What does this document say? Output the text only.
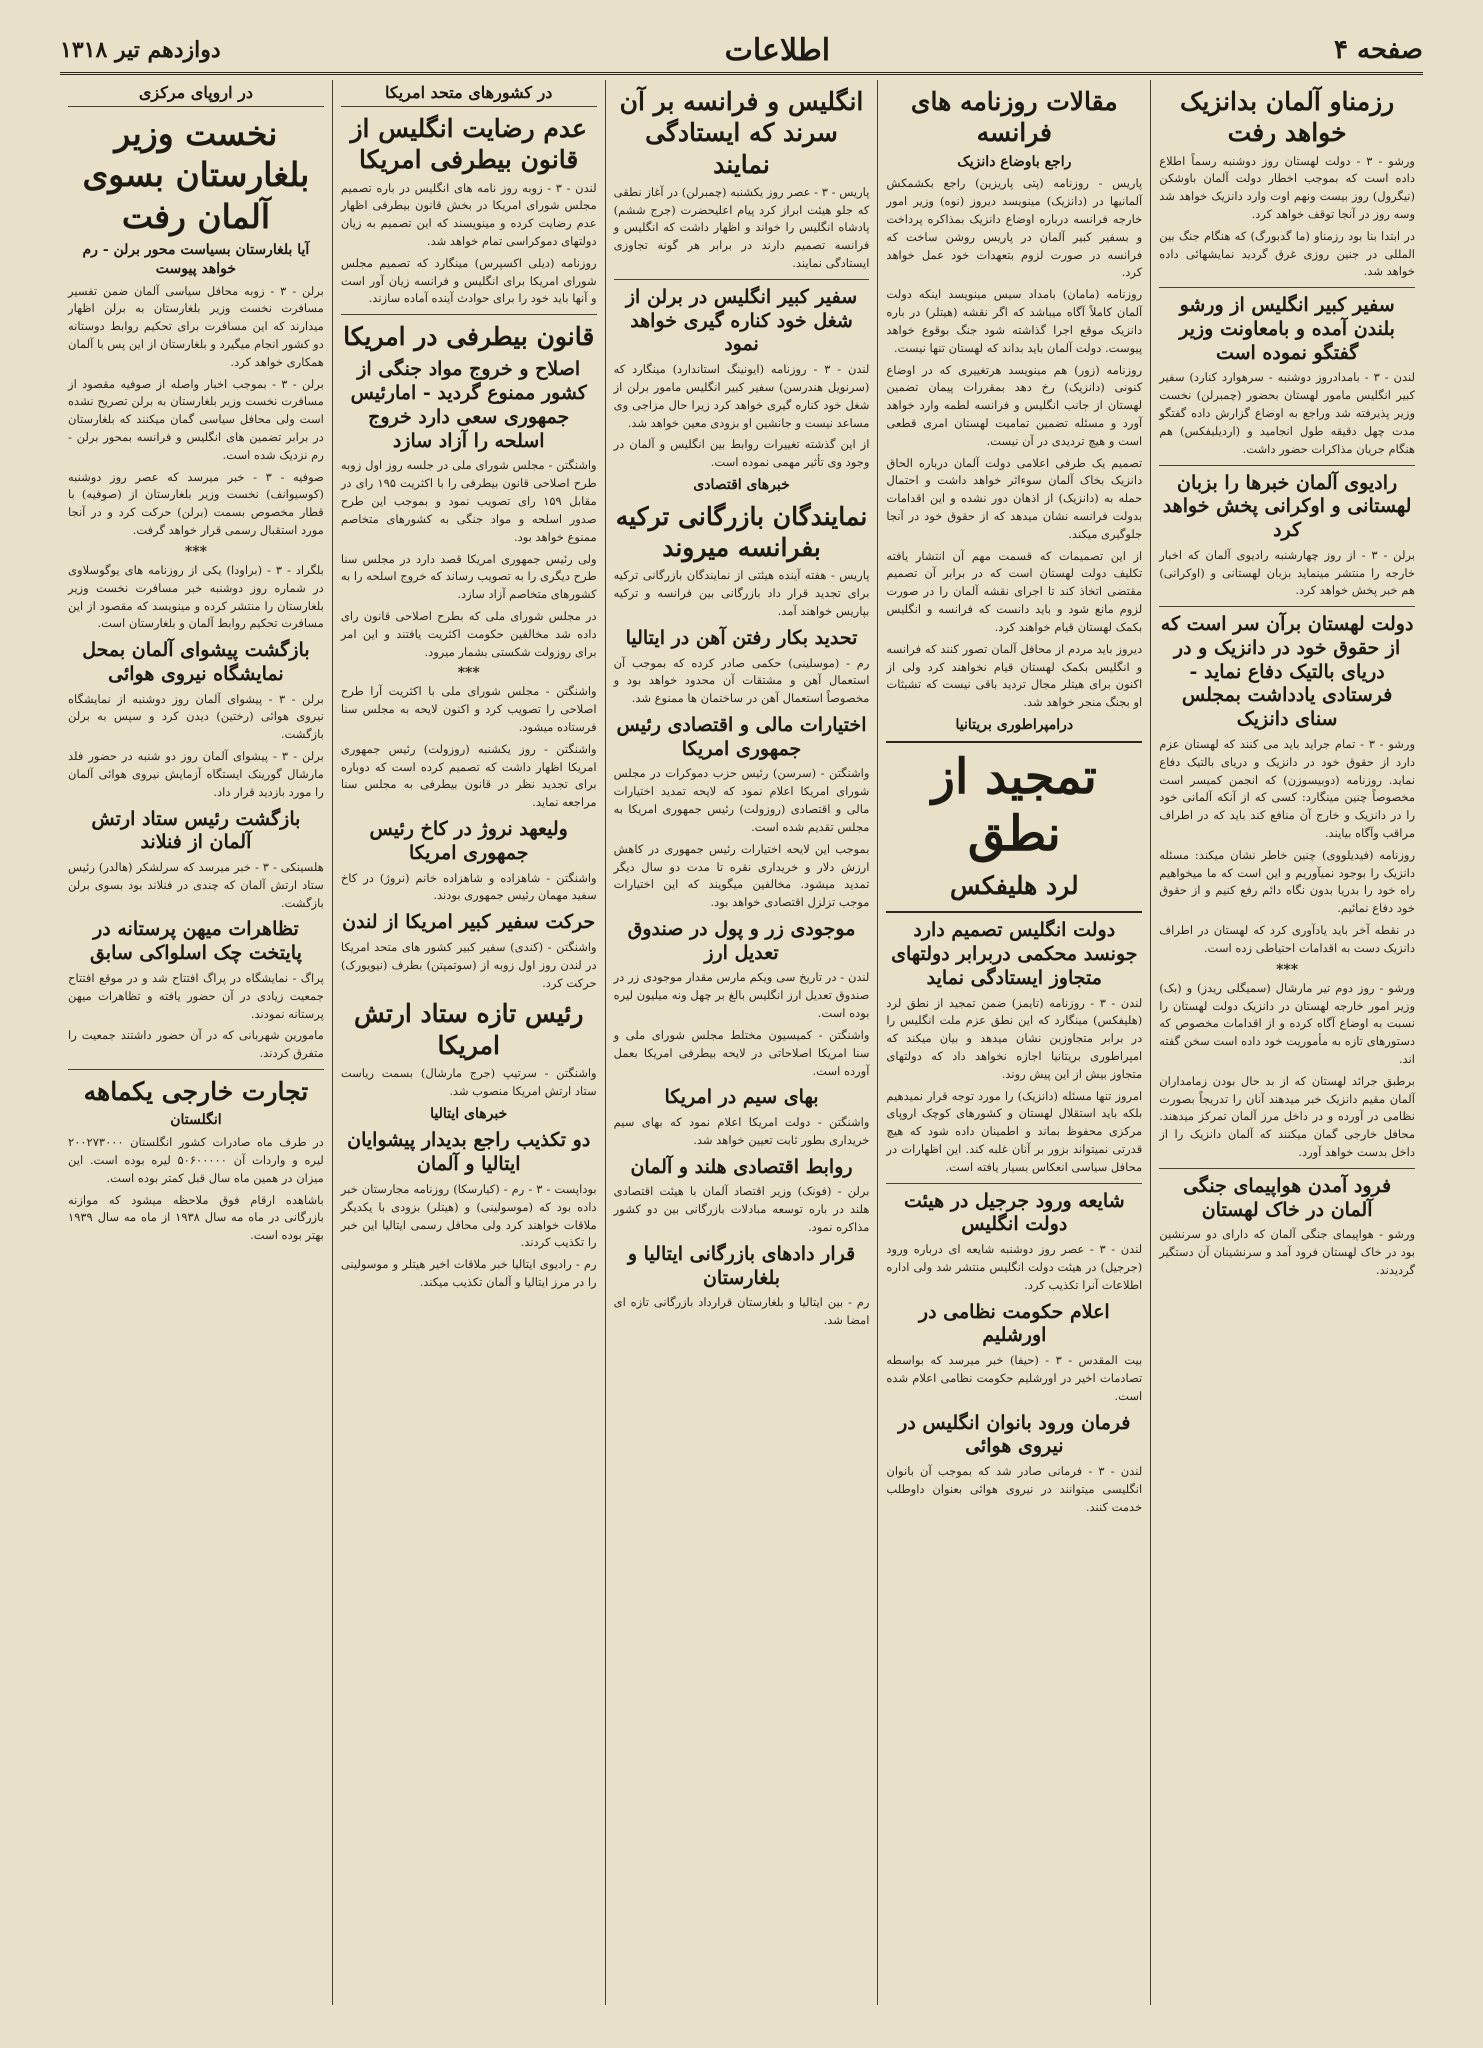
صفحه ۴
اطلاعات
دوازدهم تیر ۱۳۱۸
رزمناو آلمان بدانزیک خواهد رفت

ورشو - ۳ - دولت لهستان روز دوشنبه رسماً اطلاع داده است که بموجب اخطار دولت آلمان باوشکن (نیگرول) روز بیست ونهم اوت وارد دانزیک خواهد شد وسه روز در آنجا توقف خواهد کرد.

در ابتدا بنا بود رزمناو (ما گدبورگ) که هنگام جنگ بین المللی در جنین روزی غرق گردید نمایشهائی داده خواهد شد.

سفیر کبیر انگلیس از ورشو بلندن آمده و بامعاونت وزیر گفتگو نموده است

لندن - ۳ - بامدادروز دوشنبه - سرهوارد کنارد) سفیر کبیر انگلیس مامور لهستان بحضور (چمبرلن) نخست وزیر پذیرفته شد وراجع به اوضاع گزارش داده گفتگو مدت چهل دقیقه طول انجامید و (اردیلیفکس) هم هنگام جریان مذاکرات حضور داشت.

رادیوی آلمان خبرها را بزبان لهستانی و اوکرانی پخش خواهد کرد

برلن - ۳ - از روز چهارشنبه رادیوی آلمان که اخبار خارجه را منتشر مینماید بزبان لهستانی و (اوکرانی) هم خبر پخش خواهد کرد.

دولت لهستان برآن سر است که از حقوق خود در دانزیک و در دریای بالتیک دفاع نماید - فرستادی یادداشت بمجلس سنای دانزیک

ورشو - ۳ - تمام جراید باید می کنند که لهستان عزم دارد از حقوق خود در دانزیک و دریای بالتیک دفاع نماید. روزنامه (دوبیسوزن) که انجمن کمیسر است مخصوصاً چنین مینگارد: کسی که از آنکه آلمانی خود را در دانزیک و خارج آن منافع کند باید که در اطراف مراقب وآگاه بیایند.

روزنامه (فیدیلووی) چنین خاطر نشان میکند: مسئله دانزیک را بوجود نمیآوریم و این است که ما میخواهیم راه خود را بدریا بدون نگاه دائم رفع کنیم و از حقوق خود دفاع نمائیم.

در نقطه آخر باید یادآوری کرد که لهستان در اطراف دانزیک دست به اقدامات احتیاطی زده است.

***

ورشو - روز دوم تیر مارشال (سمیگلی ریدز) و (بک) وزیر امور خارجه لهستان در دانزیک دولت لهستان را نسبت به اوضاع آگاه کرده و از اقدامات مخصوص که دستورهای تازه به مأموریت خود داده است سخن گفته اند.

برطبق جرائد لهستان که از بد حال بودن زمامداران آلمان مقیم دانزیک خبر میدهند آنان را تدریجاً بصورت نظامی در آورده و در داخل مرز آلمان تمرکز میدهند. محافل خارجی گمان میکنند که آلمان دانزیک را از داخل بدست خواهد آورد.

فرود آمدن هواپیمای جنگی آلمان در خاک لهستان

ورشو - هواپیمای جنگی آلمان که دارای دو سرنشین بود در خاک لهستان فرود آمد و سرنشینان آن دستگیر گردیدند.

مقالات روزنامه های فرانسه
راجع باوضاع دانزیک

پاریس - روزنامه (پتی پاریزین) راجع بکشمکش آلمانیها در (دانزیک) مینویسد دیروز (نوه) وزیر امور خارجه فرانسه درباره اوضاع دانزیک بمذاکره پرداخت و بسفیر کبیر آلمان در پاریس روشن ساخت که فرانسه در صورت لزوم بتعهدات خود عمل خواهد کرد.

روزنامه (مامان) بامداد سیس مینویسد اینکه دولت آلمان کاملاً آگاه میباشد که اگر نقشه (هیتلر) در باره دانزیک موقع اجرا گذاشته شود جنگ بوقوع خواهد پیوست. دولت آلمان باید بداند که لهستان تنها نیست.

روزنامه (زور) هم مینویسد هرتغییری که در اوضاع کنونی (دانزیک) رخ دهد بمقررات پیمان تضمین لهستان از جانب انگلیس و فرانسه لطمه وارد خواهد آورد و مسئله تضمین تمامیت لهستان امری قطعی است و هیچ تردیدی در آن نیست.

تصمیم یک طرفی اعلامی دولت آلمان درباره الحاق دانزیک بخاک آلمان سوءاثر خواهد داشت و احتمال حمله به (دانزیک) از اذهان دور نشده و این اقدامات بدولت فرانسه نشان میدهد که از حقوق خود در آنجا جلوگیری میکند.

از این تصمیمات که قسمت مهم آن انتشار یافته تکلیف دولت لهستان است که در برابر آن تصمیم مقتضی اتخاذ کند تا اجرای نقشه آلمان را در صورت لزوم مانع شود و باید دانست که فرانسه و انگلیس بکمک لهستان قیام خواهند کرد.

دیروز باید مردم از محافل آلمان تصور کنند که فرانسه و انگلیس بکمک لهستان قیام نخواهند کرد ولی از اکنون برای هیتلر مجال تردید باقی نیست که تشبثات او بجنگ منجر خواهد شد.

درامپراطوری بریتانیا
تمجید از نطق
لرد هلیفکس
دولت انگلیس تصمیم دارد جونسد محکمی دربرابر دولتهای متجاوز ایستادگی نماید

لندن - ۳ - روزنامه (تایمز) ضمن تمجید از نطق لرد (هلیفکس) مینگارد که این نطق عزم ملت انگلیس را در برابر متجاوزین نشان میدهد و بیان میکند که امپراطوری بریتانیا اجازه نخواهد داد که دولتهای متجاوز بیش از این پیش روند.

امروز تنها مسئله (دانزیک) را مورد توجه قرار نمیدهیم بلکه باید استقلال لهستان و کشورهای کوچک اروپای مرکزی محفوظ بماند و اطمینان داده شود که هیچ قدرتی نمیتواند بزور بر آنان غلبه کند. این اظهارات در محافل سیاسی انعکاس بسیار یافته است.

شایعه ورود جرجیل در هیئت دولت انگلیس

لندن - ۳ - عصر روز دوشنبه شایعه ای درباره ورود (جرجیل) در هیئت دولت انگلیس منتشر شد ولی اداره اطلاعات آنرا تکذیب کرد.

اعلام حکومت نظامی در اورشلیم

بیت المقدس - ۳ - (حیفا) خبر میرسد که بواسطه تصادمات اخیر در اورشلیم حکومت نظامی اعلام شده است.

فرمان ورود بانوان انگلیس در نیروی هوائی

لندن - ۳ - فرمانی صادر شد که بموجب آن بانوان انگلیسی میتوانند در نیروی هوائی بعنوان داوطلب خدمت کنند.

انگلیس و فرانسه بر آن سرند که ایستادگی نمایند

پاریس - ۳ - عصر روز یکشنبه (چمبرلن) در آغاز نطقی که جلو هیئت ابراز کرد پیام اعلیحضرت (جرج ششم) پادشاه انگلیس را خواند و اظهار داشت که انگلیس و فرانسه تصمیم دارند در برابر هر گونه تجاوزی ایستادگی نمایند.

سفیر کبیر انگلیس در برلن از شغل خود کناره گیری خواهد نمود

لندن - ۳ - روزنامه (ایونینگ استاندارد) مینگارد که (سرنویل هندرسن) سفیر کبیر انگلیس مامور برلن از شغل خود کناره گیری خواهد کرد زیرا حال مزاجی وی مساعد نیست و جانشین او بزودی معین خواهد شد.

از این گذشته تغییرات روابط بین انگلیس و آلمان در وجود وی تأثیر مهمی نموده است.

خبرهای اقتصادی
نمایندگان بازرگانی ترکیه بفرانسه میروند

پاریس - هفته آینده هیئتی از نمایندگان بازرگانی ترکیه برای تجدید قرار داد بازرگانی بین فرانسه و ترکیه بپاریس خواهند آمد.

تحدید بکار رفتن آهن در ایتالیا

رم - (موسلینی) حکمی صادر کرده که بموجب آن استعمال آهن و مشتقات آن محدود خواهد بود و مخصوصاً استعمال آهن در ساختمان ها ممنوع شد.

اختیارات مالی و اقتصادی رئیس جمهوری امریکا

واشنگتن - (سرسن) رئیس حزب دموکرات در مجلس شورای امریکا اعلام نمود که لایحه تمدید اختیارات مالی و اقتصادی (روزولت) رئیس جمهوری امریکا به مجلس تقدیم شده است.

بموجب این لایحه اختیارات رئیس جمهوری در کاهش ارزش دلار و خریداری نقره تا مدت دو سال دیگر تمدید میشود. مخالفین میگویند که این اختیارات موجب تزلزل اقتصادی خواهد بود.

موجودی زر و پول در صندوق تعدیل ارز

لندن - در تاریخ سی ویکم مارس مقدار موجودی زر در صندوق تعدیل ارز انگلیس بالغ بر چهل ونه میلیون لیره بوده است.

واشنگتن - کمیسیون مختلط مجلس شورای ملی و سنا امریکا اصلاحاتی در لایحه بیطرفی امریکا بعمل آورده است.

بهای سیم در امریکا

واشنگتن - دولت امریکا اعلام نمود که بهای سیم خریداری بطور ثابت تعیین خواهد شد.

روابط اقتصادی هلند و آلمان

برلن - (فونک) وزیر اقتصاد آلمان با هیئت اقتصادی هلند در باره توسعه مبادلات بازرگانی بین دو کشور مذاکره نمود.

قرار دادهای بازرگانی ایتالیا و بلغارستان

رم - بین ایتالیا و بلغارستان قرارداد بازرگانی تازه ای امضا شد.

در کشورهای متحد امریکا
عدم رضایت انگلیس از قانون بیطرفی امریکا

لندن - ۳ - زوبه روز نامه های انگلیس در باره تصمیم مجلس شورای امریکا در بخش قانون بیطرفی اظهار عدم رضایت کرده و مینویسند که این تصمیم به زیان دولتهای دموکراسی تمام خواهد شد.

روزنامه (دیلی اکسپرس) مینگارد که تصمیم مجلس شورای امریکا برای انگلیس و فرانسه زیان آور است و آنها باید خود را برای حوادث آینده آماده سازند.

قانون بیطرفی در امریکا
اصلاح و خروج مواد جنگی از کشور ممنوع گردید - امارئیس جمهوری سعی دارد خروج اسلحه را آزاد سازد

واشنگتن - مجلس شورای ملی در جلسه روز اول زوبه طرح اصلاحی قانون بیطرفی را با اکثریت ۱۹۵ رای در مقابل ۱۵۹ رای تصویب نمود و بموجب این طرح صدور اسلحه و مواد جنگی به کشورهای متخاصم ممنوع خواهد بود.

ولی رئیس جمهوری امریکا قصد دارد در مجلس سنا طرح دیگری را به تصویب رساند که خروج اسلحه را به کشورهای متخاصم آزاد سازد.

در مجلس شورای ملی که بطرح اصلاحی قانون رای داده شد مخالفین حکومت اکثریت یافتند و این امر برای روزولت شکستی بشمار میرود.

***

واشنگتن - مجلس شورای ملی با اکثریت آرا طرح اصلاحی را تصویب کرد و اکنون لایحه به مجلس سنا فرستاده میشود.

واشنگتن - روز یکشنبه (روزولت) رئیس جمهوری امریکا اظهار داشت که تصمیم کرده است که دوباره برای تجدید نظر در قانون بیطرفی به مجلس سنا مراجعه نماید.

ولیعهد نروژ در کاخ رئیس جمهوری امریکا

واشنگتن - شاهزاده و شاهزاده خانم (نروژ) در کاخ سفید مهمان رئیس جمهوری بودند.

حرکت سفیر کبیر امریکا از لندن

واشنگتن - (کندی) سفیر کبیر کشور های متحد امریکا در لندن روز اول زوبه از (سوتمپتن) بطرف (نیویورک) حرکت کرد.

رئیس تازه ستاد ارتش امریکا

واشنگتن - سرتیپ (جرج مارشال) بسمت ریاست ستاد ارتش امریکا منصوب شد.

خبرهای ایتالیا
دو تکذیب راجع بدیدار پیشوایان ایتالیا و آلمان

بوداپست - ۳ - رم - (کیارسکا) روزنامه مجارستان خبر داده بود که (موسولینی) و (هیتلر) بزودی با یکدیگر ملاقات خواهند کرد ولی محافل رسمی ایتالیا این خبر را تکذیب کردند.

رم - رادیوی ایتالیا خبر ملاقات اخیر هیتلر و موسولینی را در مرز ایتالیا و آلمان تکذیب میکند.

در اروپای مرکزی
نخست وزیر بلغارستان بسوی آلمان رفت
آیا بلغارستان بسیاست محور برلن - رم خواهد پیوست

برلن - ۳ - زوبه محافل سیاسی آلمان ضمن تفسیر مسافرت نخست وزیر بلغارستان به برلن اظهار میدارند که این مسافرت برای تحکیم روابط دوستانه دو کشور انجام میگیرد و بلغارستان از این پس با آلمان همکاری خواهد کرد.

برلن - ۳ - بموجب اخبار واصله از صوفیه مقصود از مسافرت نخست وزیر بلغارستان به برلن تصریح نشده است ولی محافل سیاسی گمان میکنند که بلغارستان در برابر تضمین های انگلیس و فرانسه بمحور برلن - رم نزدیک شده است.

صوفیه - ۳ - خبر میرسد که عصر روز دوشنبه (کوسیوانف) نخست وزیر بلغارستان از (صوفیه) با قطار مخصوص بسمت (برلن) حرکت کرد و در آنجا مورد استقبال رسمی قرار خواهد گرفت.

***

بلگراد - ۳ - (براودا) یکی از روزنامه های یوگوسلاوی در شماره روز دوشنبه خبر مسافرت نخست وزیر بلغارستان را منتشر کرده و مینویسد که مقصود از این مسافرت تحکیم روابط آلمان و بلغارستان است.

بازگشت پیشوای آلمان بمحل نمایشگاه نیروی هوائی

برلن - ۳ - پیشوای آلمان روز دوشنبه از نمایشگاه نیروی هوائی (رختین) دیدن کرد و سپس به برلن بازگشت.

برلن - ۳ - پیشوای آلمان روز دو شنبه در حضور فلد مارشال گورینک ایستگاه آزمایش نیروی هوائی آلمان را مورد بازدید قرار داد.

بازگشت رئیس ستاد ارتش آلمان از فنلاند

هلسینکی - ۳ - خبر میرسد که سرلشکر (هالدر) رئیس ستاد ارتش آلمان که چندی در فنلاند بود بسوی برلن بازگشت.

تظاهرات میهن پرستانه در پایتخت چک اسلواکی سابق

پراگ - نمایشگاه در پراگ افتتاح شد و در موقع افتتاح جمعیت زیادی در آن حضور یافته و تظاهرات میهن پرستانه نمودند.

مامورین شهربانی که در آن حضور داشتند جمعیت را متفرق کردند.

تجارت خارجی یکماهه
انگلستان

در طرف ماه صادرات کشور انگلستان ۲۰۰۲۷۳۰۰۰ لیره و واردات آن ۵۰۶۰۰۰۰۰ لیره بوده است. این میزان در همین ماه سال قبل کمتر بوده است.

باشاهده ارقام فوق ملاحظه میشود که موازنه بازرگانی در ماه مه سال ۱۹۳۸ از ماه مه سال ۱۹۳۹ بهتر بوده است.
